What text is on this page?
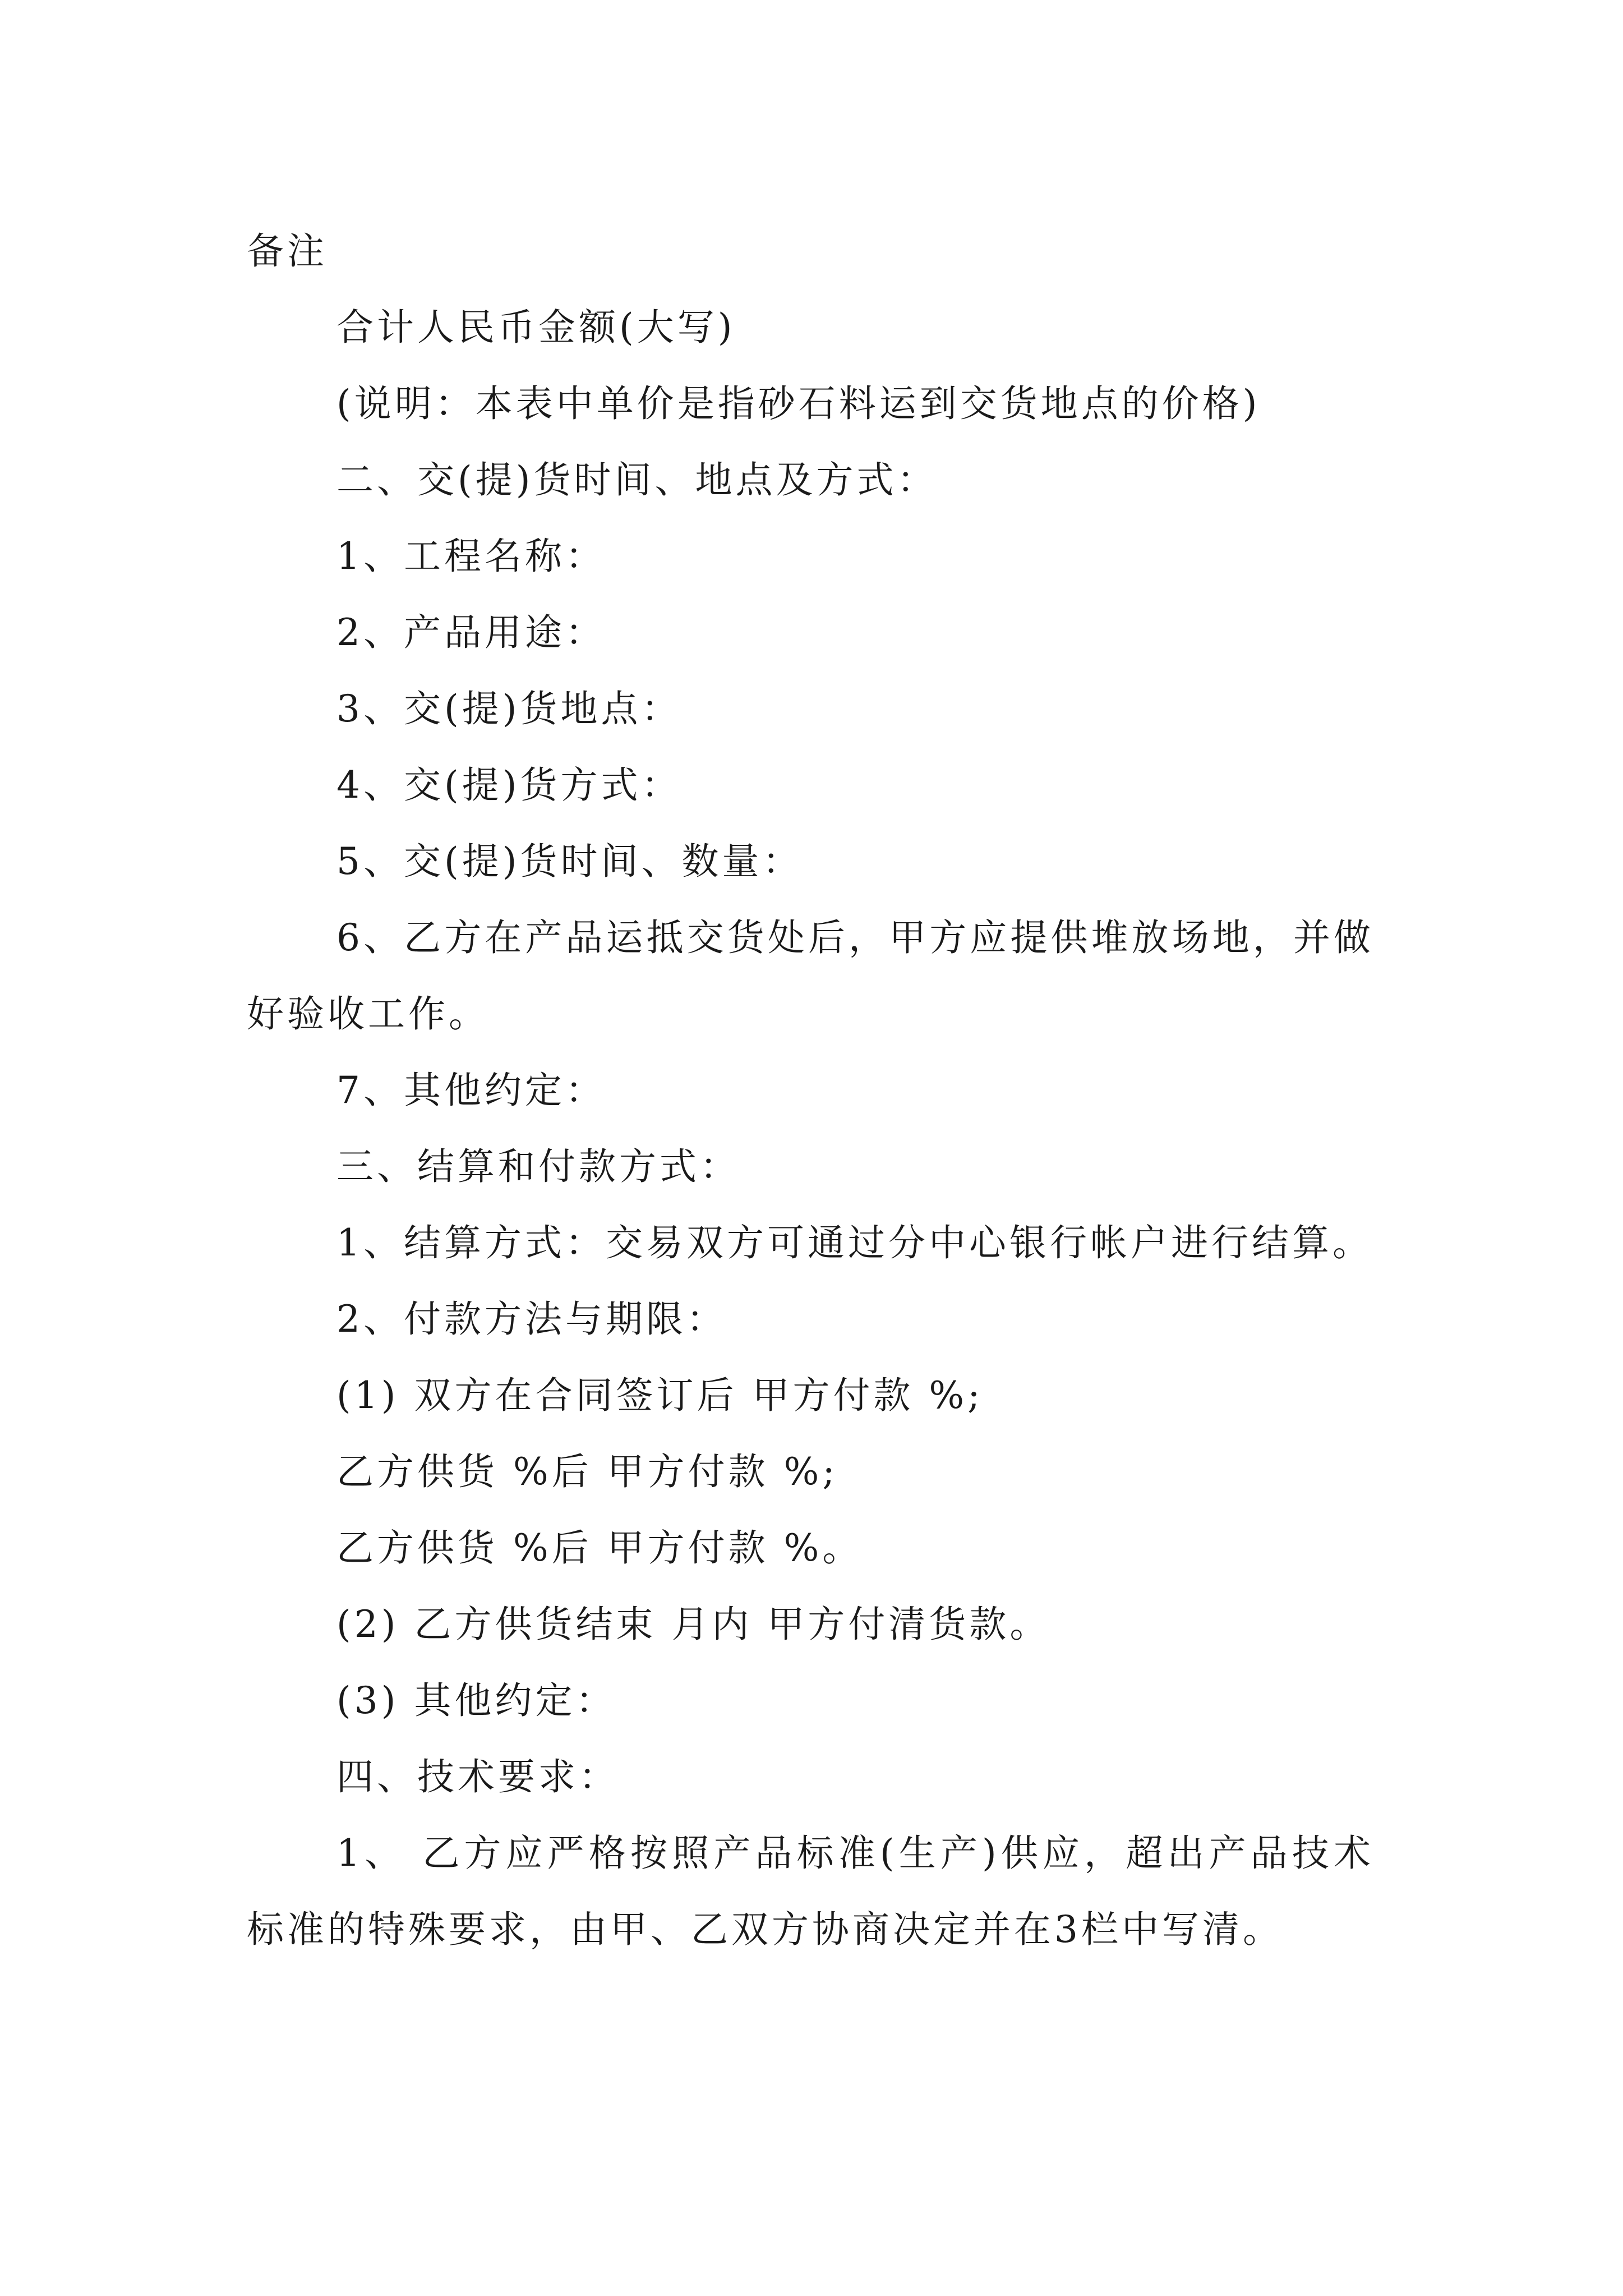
备注

合计人民币金额(大写)

(说明：本表中单价是指砂石料运到交货地点的价格)

二、交(提)货时间、地点及方式：

1、工程名称：

2、产品用途：

3、交(提)货地点：

4、交(提)货方式：

5、交(提)货时间、数量：

6、乙方在产品运抵交货处后，甲方应提供堆放场地，并做好验收工作。

7、其他约定：

三、结算和付款方式：

1、结算方式：交易双方可通过分中心银行帐户进行结算。

2、付款方法与期限：

(1) 双方在合同签订后 甲方付款 %;

乙方供货 %后 甲方付款 %;

乙方供货 %后 甲方付款 %。

(2) 乙方供货结束 月内 甲方付清货款。

(3) 其他约定：

四、技术要求：

1、 乙方应严格按照产品标准(生产)供应，超出产品技术标准的特殊要求，由甲、乙双方协商决定并在3栏中写清。
